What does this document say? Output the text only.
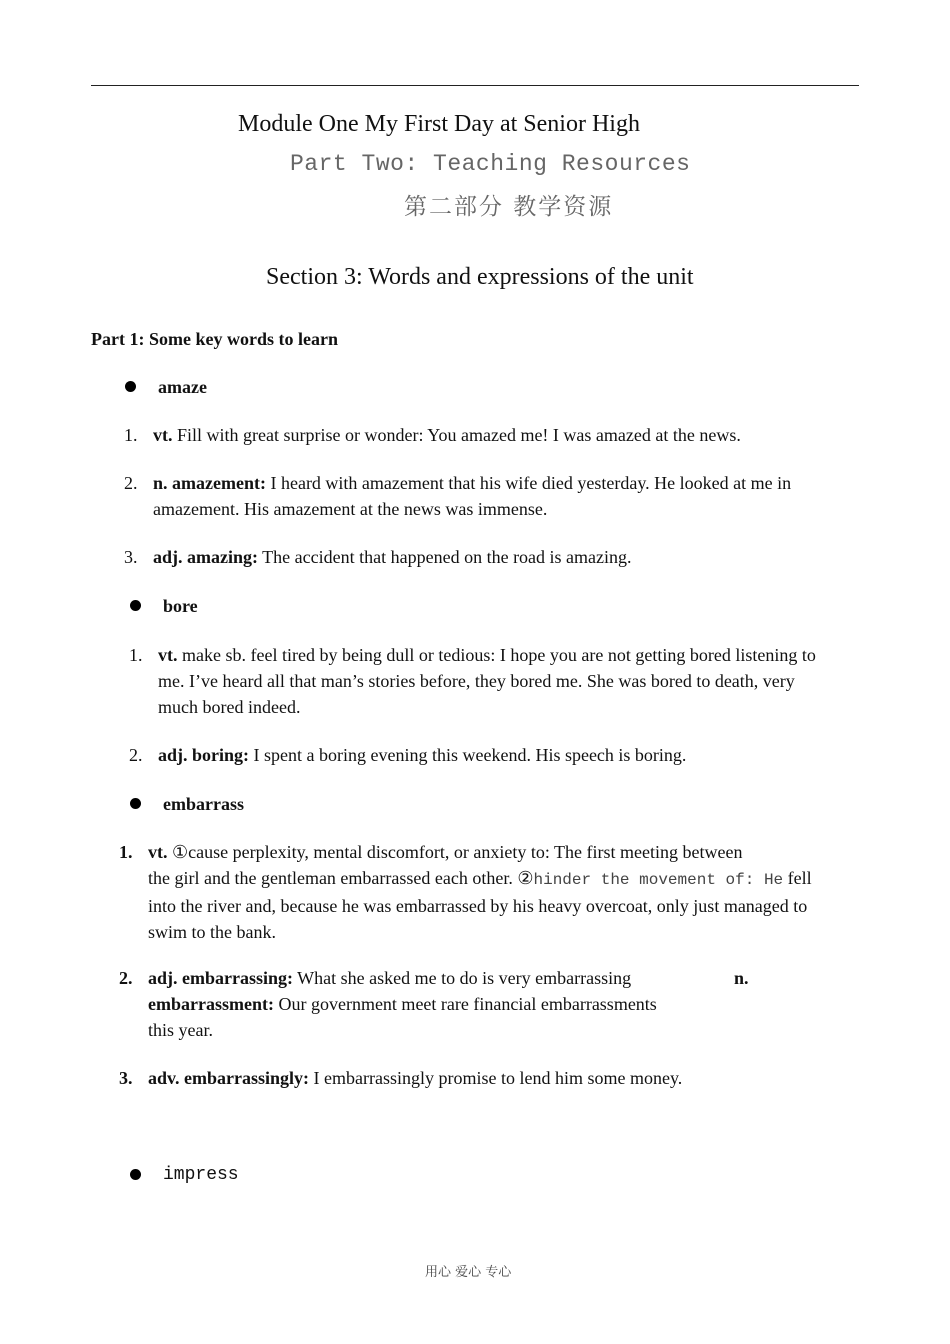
Module One My First Day at Senior High
Part Two: Teaching Resources
第二部分 教学资源
Section 3: Words and expressions of the unit
Part 1: Some key words to learn
amaze
1. vt. Fill with great surprise or wonder: You amazed me! I was amazed at the news.
2. n. amazement: I heard with amazement that his wife died yesterday. He looked at me in
amazement. His amazement at the news was immense.
3. adj. amazing: The accident that happened on the road is amazing.
bore
1. vt. make sb. feel tired by being dull or tedious: I hope you are not getting bored listening to
me. I’ve heard all that man’s stories before, they bored me. She was bored to death, very
much bored indeed.
2. adj. boring: I spent a boring evening this weekend. His speech is boring.
embarrass
1. vt. ①cause perplexity, mental discomfort, or anxiety to: The first meeting between
the girl and the gentleman embarrassed each other. ②hinder the movement of: He fell
into the river and, because he was embarrassed by his heavy overcoat, only just managed to
swim to the bank.
2. adj. embarrassing: What she asked me to do is very embarrassing
embarrassment: Our government meet rare financial embarrassments
this year.
n.
3. adv. embarrassingly: I embarrassingly promise to lend him some money.
impress
用心 爱心 专心
